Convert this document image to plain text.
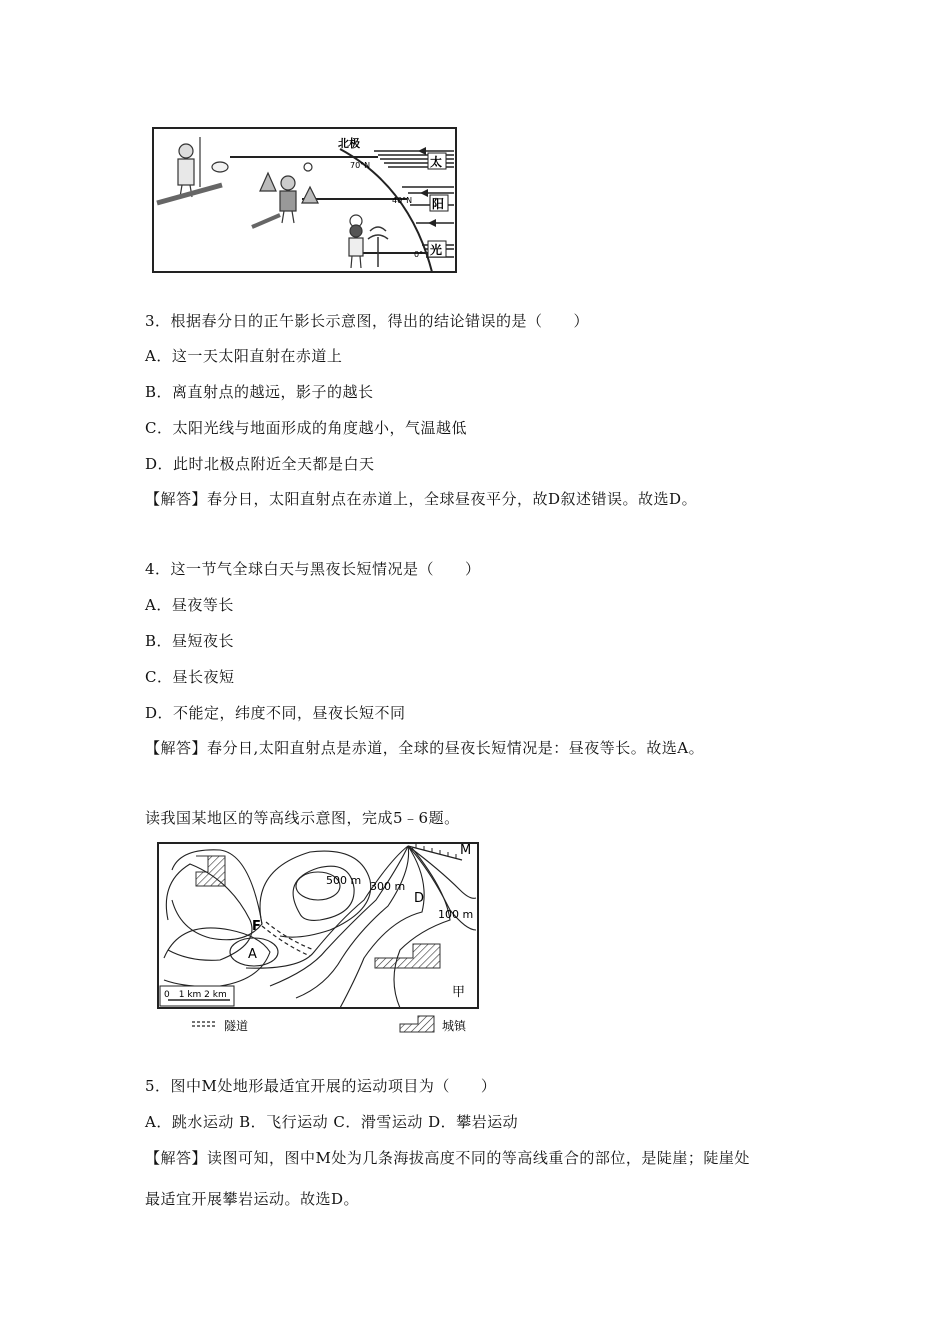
太
阳
光
北极
70°N
40°N
0°
3．根据春分日的正午影长示意图，得出的结论错误的是（　　）
A．这一天太阳直射在赤道上
B．离直射点的越远，影子的越长
C．太阳光线与地面形成的角度越小，气温越低
D．此时北极点附近全天都是白天
【解答】春分日，太阳直射点在赤道上，全球昼夜平分，故D叙述错误。故选D。
4．这一节气全球白天与黑夜长短情况是（　　）
A．昼夜等长
B．昼短夜长
C．昼长夜短
D．不能定，纬度不同，昼夜长短不同
【解答】春分日,太阳直射点是赤道，全球的昼夜长短情况是：昼夜等长。故选A。
读我国某地区的等高线示意图，完成5﹣6题。
500 m 300 m
100 m
M
D
F
A
甲
0　1 km 2 km
隧道	城镇
5．图中M处地形最适宜开展的运动项目为（　　）
A．跳水运动 B．飞行运动 C．滑雪运动 D．攀岩运动
【解答】读图可知，图中M处为几条海拔高度不同的等高线重合的部位，是陡崖；陡崖处
最适宜开展攀岩运动。故选D。
